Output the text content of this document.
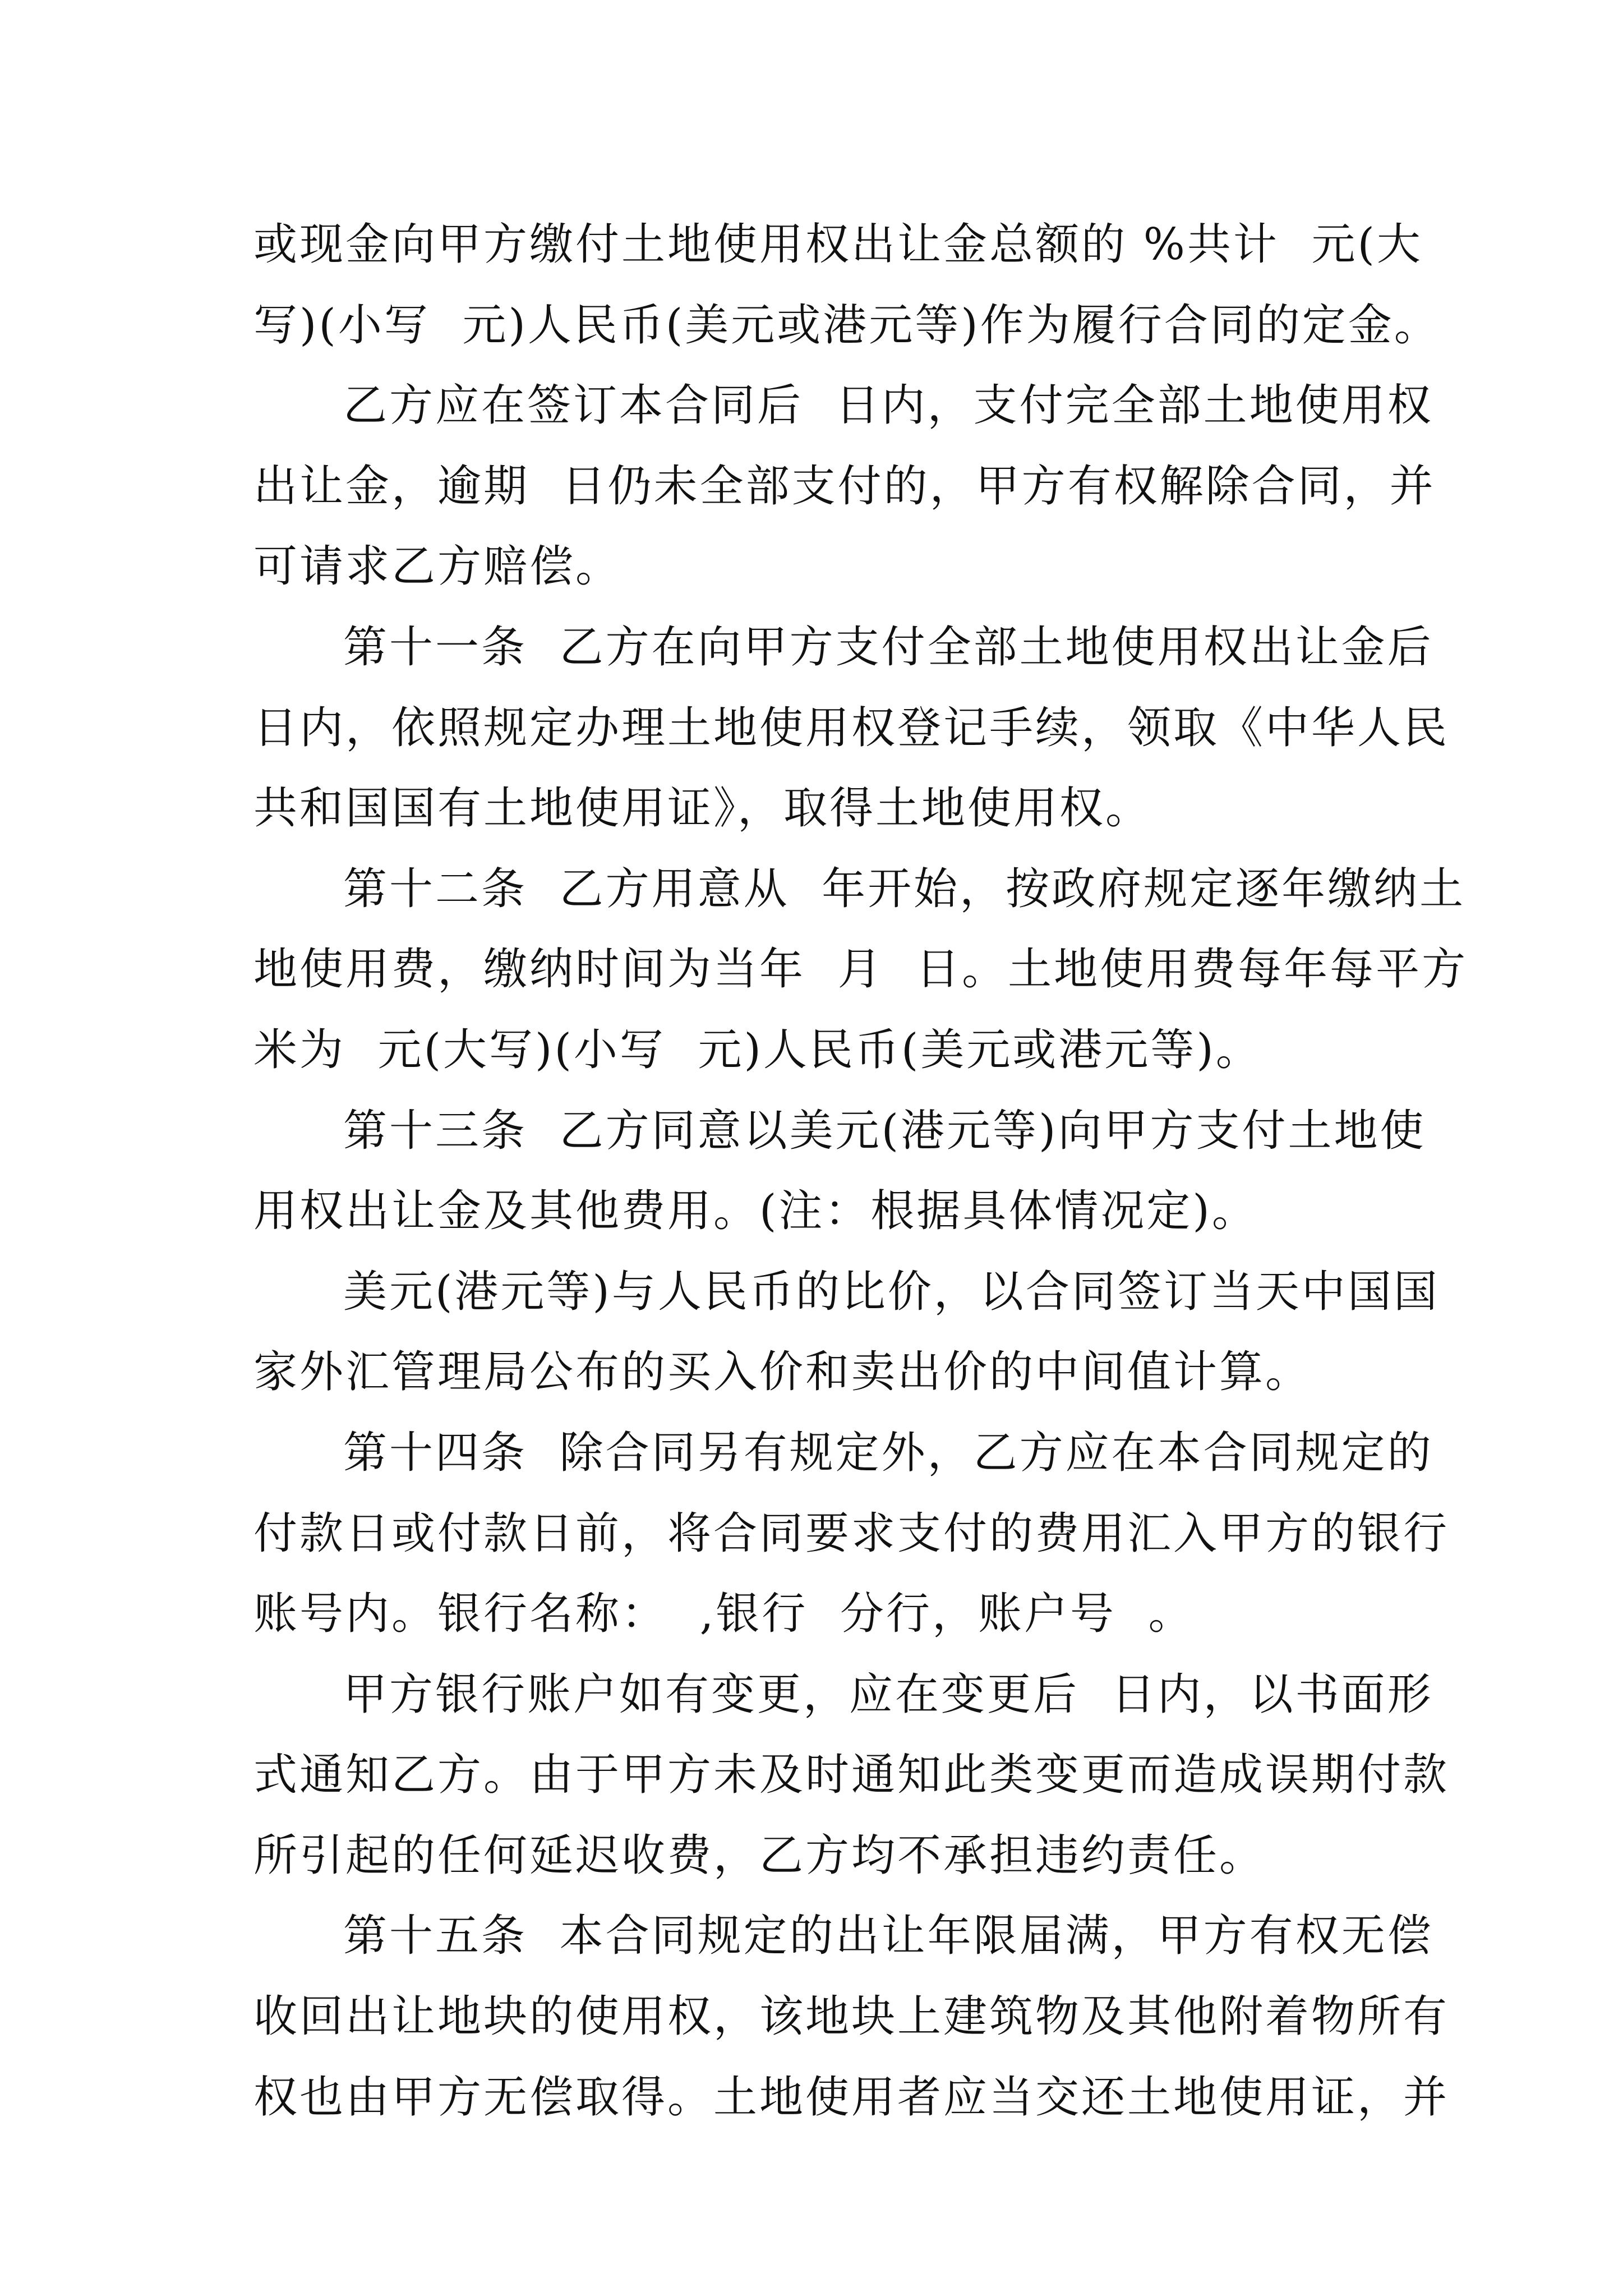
或现金向甲方缴付土地使用权出让金总额的 %共计  元(大
写)(小写  元)人民币(美元或港元等)作为履行合同的定金。
乙方应在签订本合同后  日内，支付完全部土地使用权
出让金，逾期  日仍未全部支付的，甲方有权解除合同，并
可请求乙方赔偿。
第十一条  乙方在向甲方支付全部土地使用权出让金后
日内，依照规定办理土地使用权登记手续，领取《中华人民
共和国国有土地使用证》，取得土地使用权。
第十二条  乙方用意从  年开始，按政府规定逐年缴纳土
地使用费，缴纳时间为当年  月  日。土地使用费每年每平方
米为  元(大写)(小写  元)人民币(美元或港元等)。
第十三条  乙方同意以美元(港元等)向甲方支付土地使
用权出让金及其他费用。(注：根据具体情况定)。
美元(港元等)与人民币的比价，以合同签订当天中国国
家外汇管理局公布的买入价和卖出价的中间值计算。
第十四条  除合同另有规定外，乙方应在本合同规定的
付款日或付款日前，将合同要求支付的费用汇入甲方的银行
账号内。银行名称：  ,银行  分行，账户号  。
甲方银行账户如有变更，应在变更后  日内，以书面形
式通知乙方。由于甲方未及时通知此类变更而造成误期付款
所引起的任何延迟收费，乙方均不承担违约责任。
第十五条  本合同规定的出让年限届满，甲方有权无偿
收回出让地块的使用权，该地块上建筑物及其他附着物所有
权也由甲方无偿取得。土地使用者应当交还土地使用证，并
